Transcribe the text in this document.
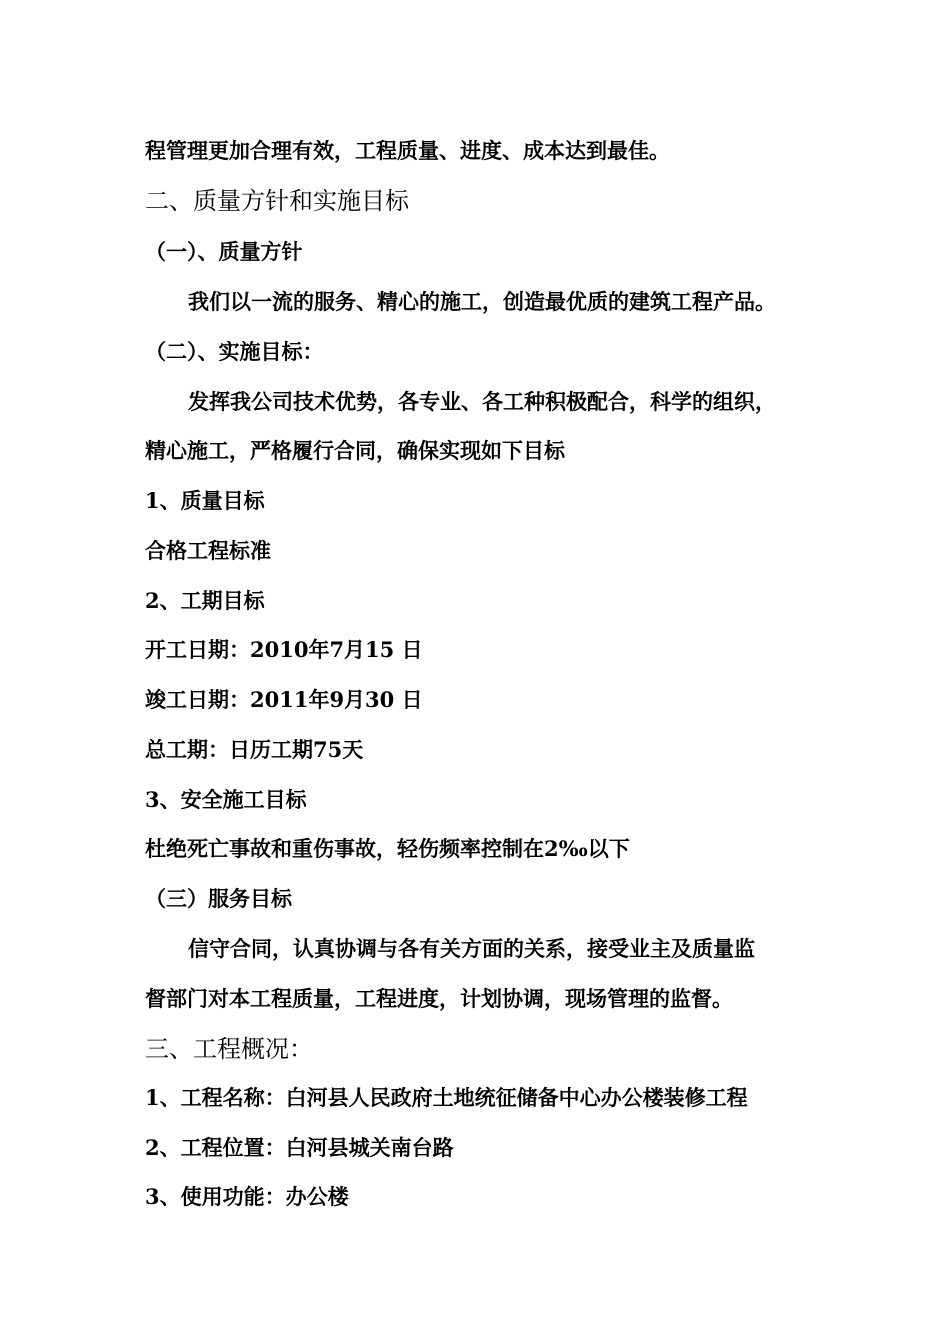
程管理更加合理有效，工程质量、进度、成本达到最佳。
二、质量方针和实施目标
（一）、质量方针
我们以一流的服务、精心的施工，创造最优质的建筑工程产品。
（二）、实施目标：
发挥我公司技术优势，各专业、各工种积极配合，科学的组织，
精心施工，严格履行合同，确保实现如下目标
1、质量目标
合格工程标准
2、工期目标
开工日期：2010年7月15 日
竣工日期：2011年9月30 日
总工期：日历工期75天
3、安全施工目标
杜绝死亡事故和重伤事故，轻伤频率控制在2‰以下
（三）服务目标
信守合同，认真协调与各有关方面的关系，接受业主及质量监
督部门对本工程质量，工程进度，计划协调，现场管理的监督。
三、工程概况：
1、工程名称：白河县人民政府土地统征储备中心办公楼装修工程
2、工程位置：白河县城关南台路
3、使用功能：办公楼
